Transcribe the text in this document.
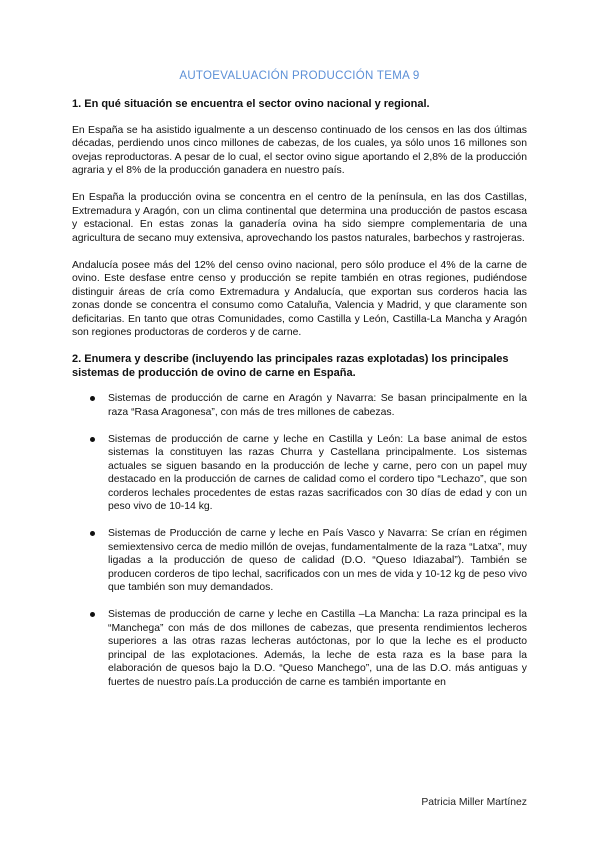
AUTOEVALUACIÓN PRODUCCIÓN TEMA 9
1. En qué situación se encuentra el sector ovino nacional y regional.

En España se ha asistido igualmente a un descenso continuado de los censos en las dos últimas décadas, perdiendo unos cinco millones de cabezas, de los cuales, ya sólo unos 16 millones son ovejas reproductoras. A pesar de lo cual, el sector ovino sigue aportando el 2,8% de la producción agraria y el 8% de la producción ganadera en nuestro país.

En España la producción ovina se concentra en el centro de la península, en las dos Castillas, Extremadura y Aragón, con un clima continental que determina una producción de pastos escasa y estacional. En estas zonas la ganadería ovina ha sido siempre complementaria de una agricultura de secano muy extensiva, aprovechando los pastos naturales, barbechos y rastrojeras.

Andalucía posee más del 12% del censo ovino nacional, pero sólo produce el 4% de la carne de ovino. Este desfase entre censo y producción se repite también en otras regiones, pudiéndose distinguir áreas de cría como Extremadura y Andalucía, que exportan sus corderos hacia las zonas donde se concentra el consumo como Cataluña, Valencia y Madrid, y que claramente son deficitarias. En tanto que otras Comunidades, como Castilla y León, Castilla-La Mancha y Aragón son regiones productoras de corderos y de carne.

2. Enumera y describe (incluyendo las principales razas explotadas) los principales sistemas de producción de ovino de carne en España.
Sistemas de producción de carne en Aragón y Navarra: Se basan principalmente en la raza “Rasa Aragonesa”, con más de tres millones de cabezas.
Sistemas de producción de carne y leche en Castilla y León: La base animal de estos sistemas la constituyen las razas Churra y Castellana principalmente. Los sistemas actuales se siguen basando en la producción de leche y carne, pero con un papel muy destacado en la producción de carnes de calidad como el cordero tipo “Lechazo”, que son corderos lechales procedentes de estas razas sacrificados con 30 días de edad y con un peso vivo de 10-14 kg.
Sistemas de Producción de carne y leche en País Vasco y Navarra: Se crían en régimen semiextensivo cerca de medio millón de ovejas, fundamentalmente de la raza “Latxa”, muy ligadas a la producción de queso de calidad (D.O. “Queso Idiazabal”). También se producen corderos de tipo lechal, sacrificados con un mes de vida y 10-12 kg de peso vivo que también son muy demandados.
Sistemas de producción de carne y leche en Castilla –La Mancha: La raza principal es la “Manchega” con más de dos millones de cabezas, que presenta rendimientos lecheros superiores a las otras razas lecheras autóctonas, por lo que la leche es el producto principal de las explotaciones. Además, la leche de esta raza es la base para la elaboración de quesos bajo la D.O. “Queso Manchego”, una de las D.O. más antiguas y fuertes de nuestro país.La producción de carne es también importante en
Patricia Miller Martínez
